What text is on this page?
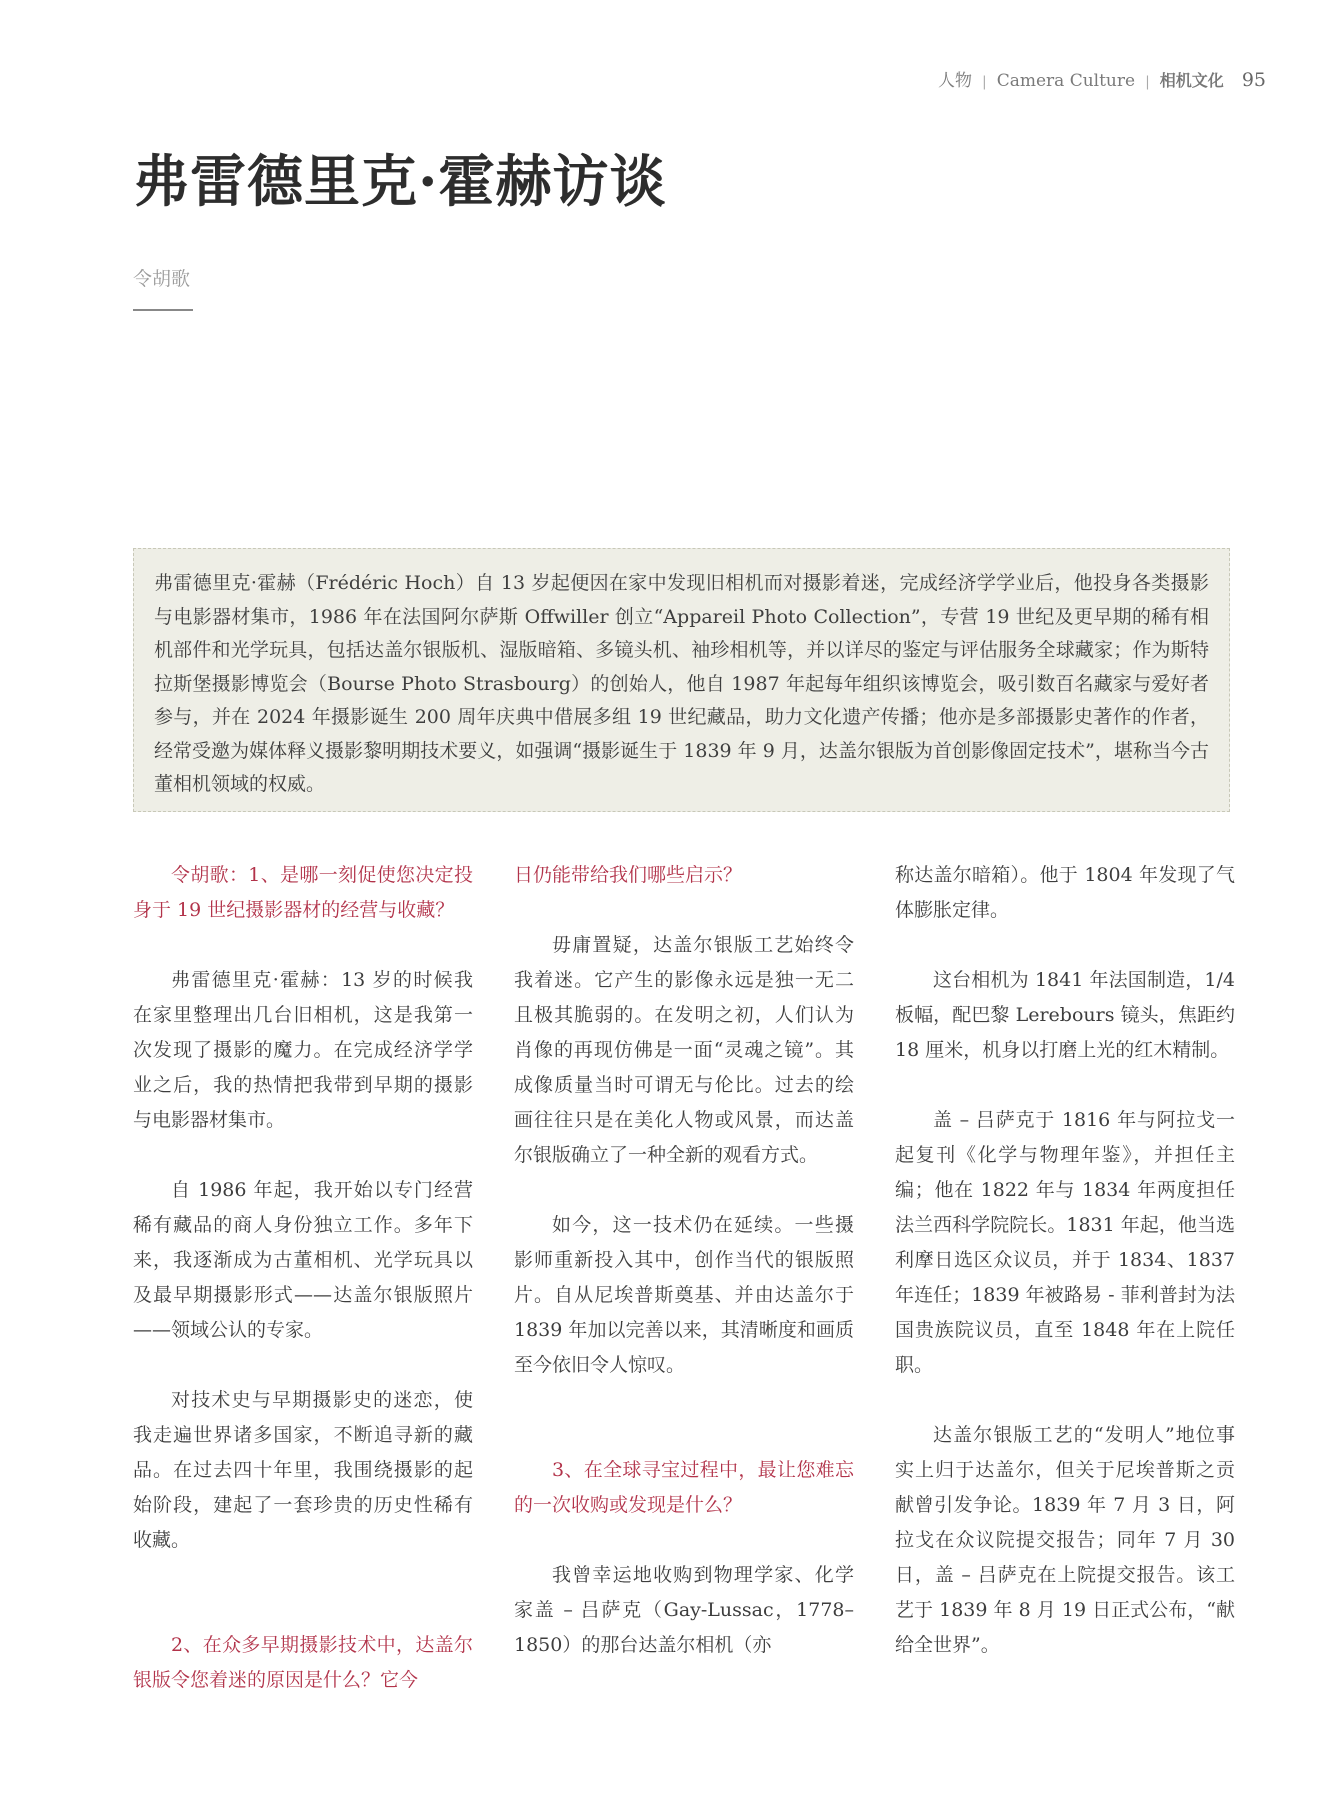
人物 | Camera Culture | 相机文化 95
弗雷德里克·霍赫访谈
令胡歌
弗雷德里克·霍赫（Frédéric Hoch）自 13 岁起便因在家中发现旧相机而对摄影着迷，完成经济学学业后，他投身各类摄影与电影器材集市，1986 年在法国阿尔萨斯 Offwiller 创立“Appareil Photo Collection”，专营 19 世纪及更早期的稀有相机部件和光学玩具，包括达盖尔银版机、湿版暗箱、多镜头机、袖珍相机等，并以详尽的鉴定与评估服务全球藏家；作为斯特拉斯堡摄影博览会（Bourse Photo Strasbourg）的创始人，他自 1987 年起每年组织该博览会，吸引数百名藏家与爱好者参与，并在 2024 年摄影诞生 200 周年庆典中借展多组 19 世纪藏品，助力文化遗产传播；他亦是多部摄影史著作的作者，经常受邀为媒体释义摄影黎明期技术要义，如强调“摄影诞生于 1839 年 9 月，达盖尔银版为首创影像固定技术”，堪称当今古董相机领域的权威。

令胡歌：1、是哪一刻促使您决定投身于 19 世纪摄影器材的经营与收藏？

弗雷德里克·霍赫：13 岁的时候我在家里整理出几台旧相机，这是我第一次发现了摄影的魔力。在完成经济学学业之后，我的热情把我带到早期的摄影与电影器材集市。

自 1986 年起，我开始以专门经营稀有藏品的商人身份独立工作。多年下来，我逐渐成为古董相机、光学玩具以及最早期摄影形式——达盖尔银版照片——领域公认的专家。

对技术史与早期摄影史的迷恋，使我走遍世界诸多国家，不断追寻新的藏品。在过去四十年里，我围绕摄影的起始阶段，建起了一套珍贵的历史性稀有收藏。

2、在众多早期摄影技术中，达盖尔银版令您着迷的原因是什么？它今

日仍能带给我们哪些启示？

毋庸置疑，达盖尔银版工艺始终令我着迷。它产生的影像永远是独一无二且极其脆弱的。在发明之初，人们认为肖像的再现仿佛是一面“灵魂之镜”。其成像质量当时可谓无与伦比。过去的绘画往往只是在美化人物或风景，而达盖尔银版确立了一种全新的观看方式。

如今，这一技术仍在延续。一些摄影师重新投入其中，创作当代的银版照片。自从尼埃普斯奠基、并由达盖尔于 1839 年加以完善以来，其清晰度和画质至今依旧令人惊叹。

3、在全球寻宝过程中，最让您难忘的一次收购或发现是什么？

我曾幸运地收购到物理学家、化学家盖 – 吕萨克（Gay-Lussac，1778–1850）的那台达盖尔相机（亦

称达盖尔暗箱）。他于 1804 年发现了气体膨胀定律。

这台相机为 1841 年法国制造，1/4 板幅，配巴黎 Lerebours 镜头，焦距约 18 厘米，机身以打磨上光的红木精制。

盖 – 吕萨克于 1816 年与阿拉戈一起复刊《化学与物理年鉴》，并担任主编；他在 1822 年与 1834 年两度担任法兰西科学院院长。1831 年起，他当选利摩日选区众议员，并于 1834、1837 年连任；1839 年被路易 - 菲利普封为法国贵族院议员，直至 1848 年在上院任职。

达盖尔银版工艺的“发明人”地位事实上归于达盖尔，但关于尼埃普斯之贡献曾引发争论。1839 年 7 月 3 日，阿拉戈在众议院提交报告；同年 7 月 30 日，盖 – 吕萨克在上院提交报告。该工艺于 1839 年 8 月 19 日正式公布，“献给全世界”。
